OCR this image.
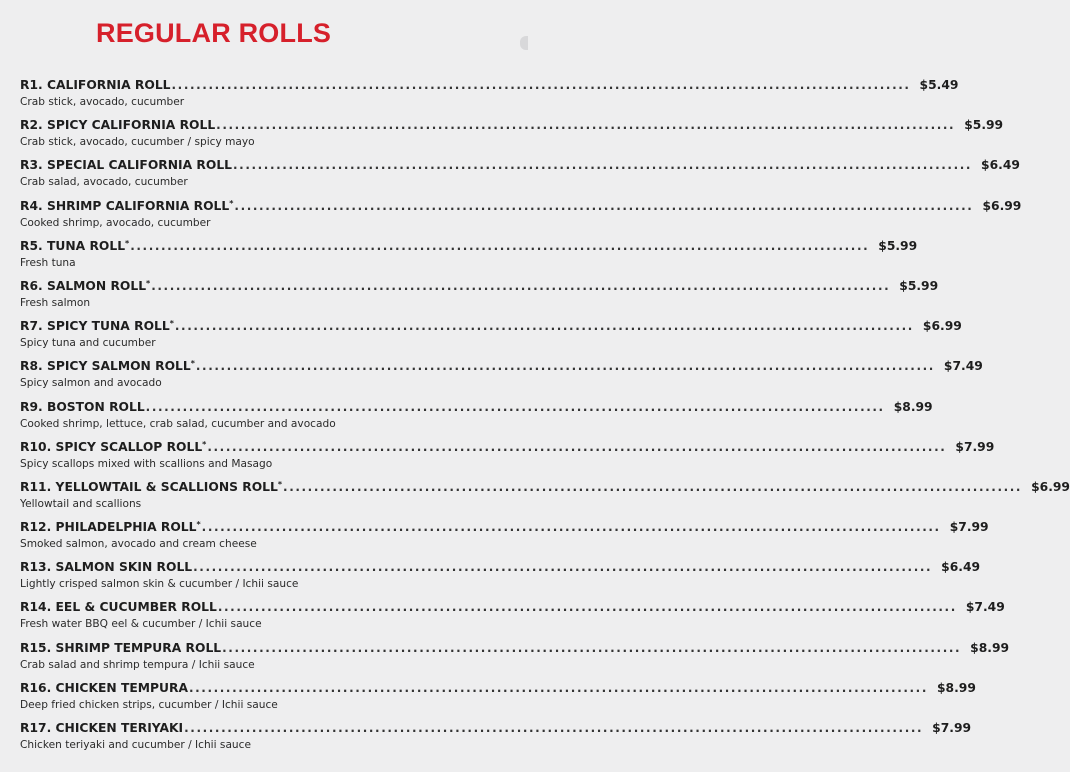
REGULAR ROLLS
R1. CALIFORNIA ROLL ........................................................................................................................ $5.49
Crab stick, avocado, cucumber
R2. SPICY CALIFORNIA ROLL ........................................................................................................................ $5.99
Crab stick, avocado, cucumber / spicy mayo
R3. SPECIAL CALIFORNIA ROLL ........................................................................................................................ $6.49
Crab salad, avocado, cucumber
R4. SHRIMP CALIFORNIA ROLL* ........................................................................................................................ $6.99
Cooked shrimp, avocado, cucumber
R5. TUNA ROLL* ........................................................................................................................ $5.99
Fresh tuna
R6. SALMON ROLL* ........................................................................................................................ $5.99
Fresh salmon
R7. SPICY TUNA ROLL* ........................................................................................................................ $6.99
Spicy tuna and cucumber
R8. SPICY SALMON ROLL* ........................................................................................................................ $7.49
Spicy salmon and avocado
R9. BOSTON ROLL ........................................................................................................................ $8.99
Cooked shrimp, lettuce, crab salad, cucumber and avocado
R10. SPICY SCALLOP ROLL* ........................................................................................................................ $7.99
Spicy scallops mixed with scallions and Masago
R11. YELLOWTAIL & SCALLIONS ROLL* ........................................................................................................................ $6.99
Yellowtail and scallions
R12. PHILADELPHIA ROLL* ........................................................................................................................ $7.99
Smoked salmon, avocado and cream cheese
R13. SALMON SKIN ROLL ........................................................................................................................ $6.49
Lightly crisped salmon skin & cucumber / Ichii sauce
R14. EEL & CUCUMBER ROLL ........................................................................................................................ $7.49
Fresh water BBQ eel & cucumber / Ichii sauce
R15. SHRIMP TEMPURA ROLL ........................................................................................................................ $8.99
Crab salad and shrimp tempura / Ichii sauce
R16. CHICKEN TEMPURA ........................................................................................................................ $8.99
Deep fried chicken strips, cucumber / Ichii sauce
R17. CHICKEN TERIYAKI ........................................................................................................................ $7.99
Chicken teriyaki and cucumber / Ichii sauce
